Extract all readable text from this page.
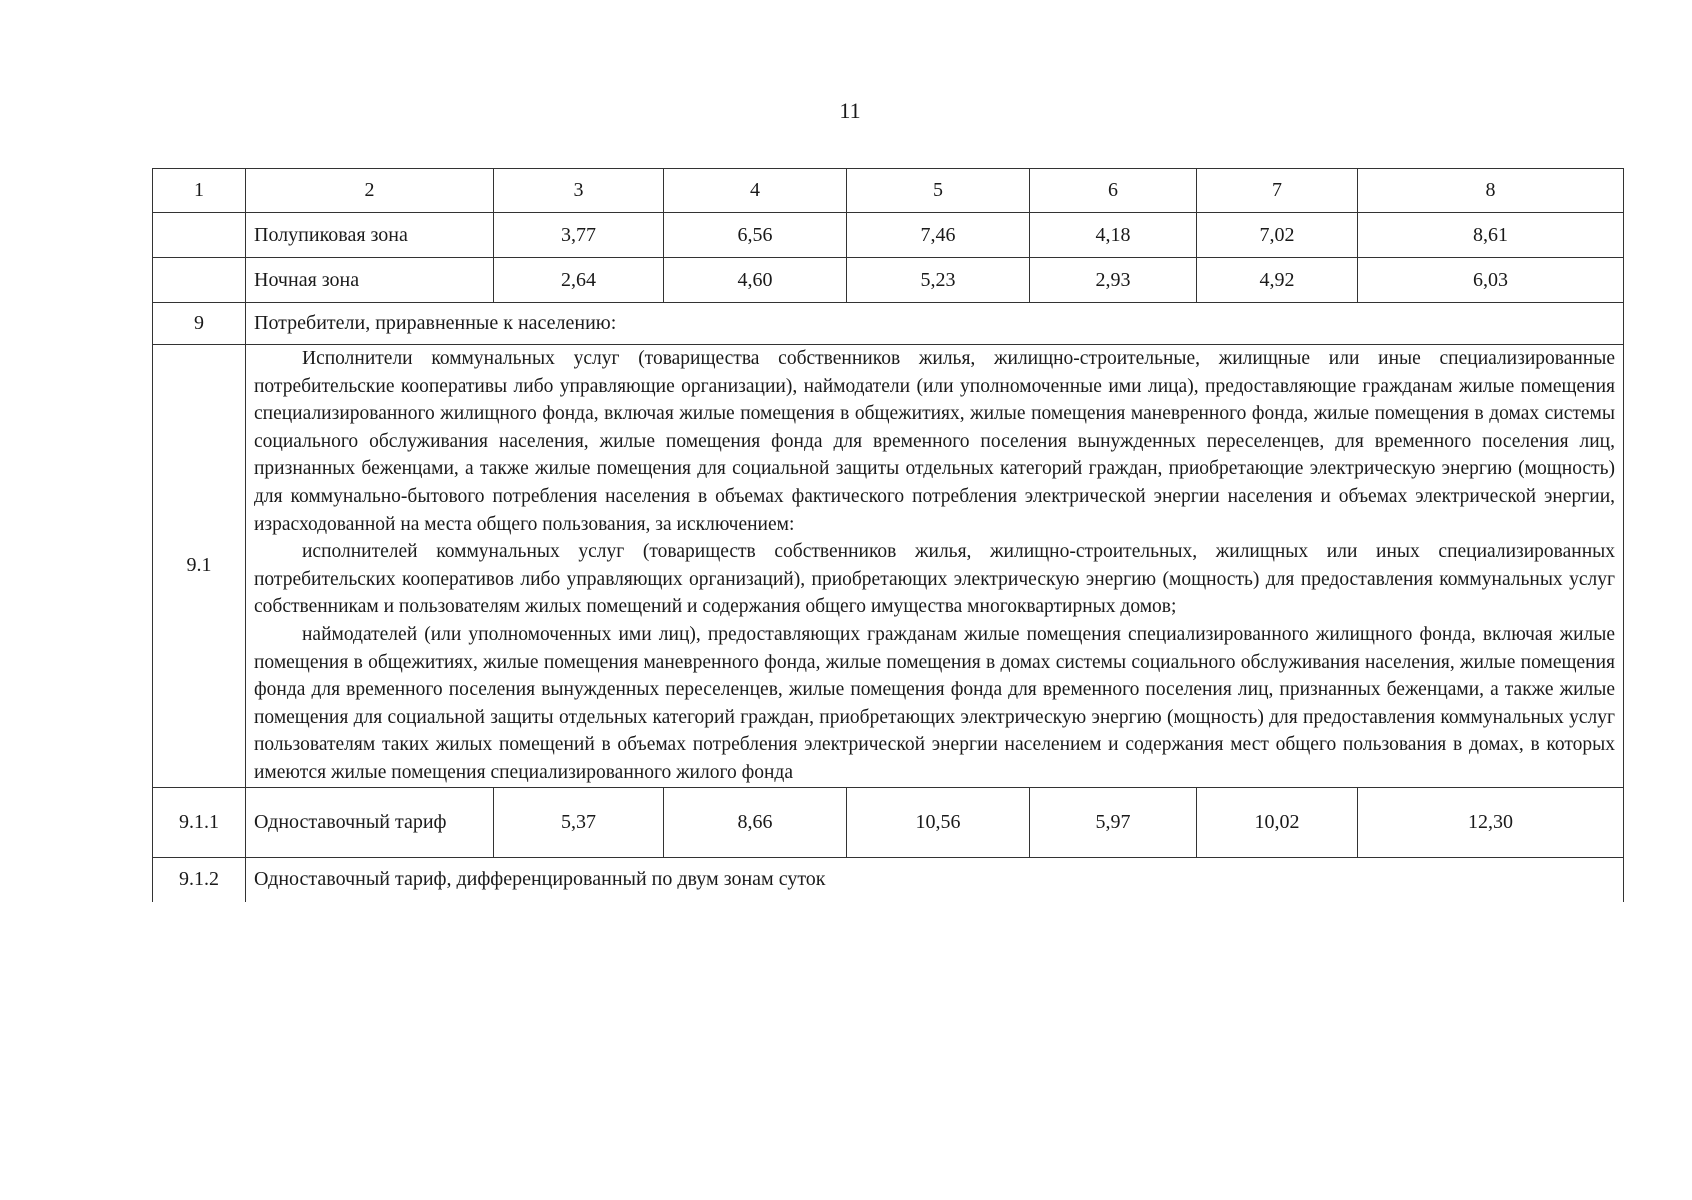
11
1	2	3	4	5	6	7	8
	Полупиковая зона	3,77	6,56	7,46	4,18	7,02	8,61
	Ночная зона	2,64	4,60	5,23	2,93	4,92	6,03
9	Потребители, приравненные к населению:						
9.1	Исполнители коммунальных услуг (товарищества собственников жилья, жилищно-строительные, жилищные или иные специализированные потребительские кооперативы либо управляющие организации), наймодатели (или уполномоченные ими лица), предоставляющие гражданам жилые помещения специализированного жилищного фонда, включая жилые помещения в общежитиях, жилые помещения маневренного фонда, жилые помещения в домах системы социального обслуживания населения, жилые помещения фонда для временного поселения вынужденных переселенцев, для временного поселения лиц, признанных беженцами, а также жилые помещения для социальной защиты отдельных категорий граждан, приобретающие электрическую энергию (мощность) для коммунально-бытового потребления населения в объемах фактического потребления электрической энергии населения и объемах электрической энергии, израсходованной на места общего пользования, за исключением:

исполнителей коммунальных услуг (товариществ собственников жилья, жилищно-строительных, жилищных или иных специализированных потребительских кооперативов либо управляющих организаций), приобретающих электрическую энергию (мощность) для предоставления коммунальных услуг собственникам и пользователям жилых помещений и содержания общего имущества многоквартирных домов;

наймодателей (или уполномоченных ими лиц), предоставляющих гражданам жилые помещения специализированного жилищного фонда, включая жилые помещения в общежитиях, жилые помещения маневренного фонда, жилые помещения в домах системы социального обслуживания населения, жилые помещения фонда для временного поселения вынужденных переселенцев, жилые помещения фонда для временного поселения лиц, признанных беженцами, а также жилые помещения для социальной защиты отдельных категорий граждан, приобретающих электрическую энергию (мощность) для предоставления коммунальных услуг пользователям таких жилых помещений в объемах потребления электрической энергии населением и содержания мест общего пользования в домах, в которых имеются жилые помещения специализированного жилого фонда						

9.1.1	Одноставочный тариф	5,37	8,66	10,56	5,97	10,02	12,30
9.1.2	Одноставочный тариф, дифференцированный по двум зонам суток						
